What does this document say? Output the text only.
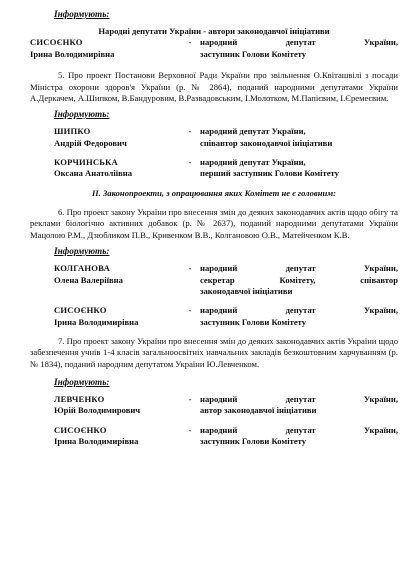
Інформують:
Народні депутати України - автори законодавчої ініціативи
СИСОЄНКО
Ірина Володимирівна
- народний депутат України,
заступник Голови Комітету
5. Про проект Постанови Верховної Ради України про звільнення О.Квіташвілі з посади Міністра охорони здоров'я України (р. № 2864), поданий народними депутатами України А.Деркачем, А.Шипком, В.Бандуровим, В.Развадовським, І.Молотком, М.Папієвим, І.Єремеєвим.
Інформують:
ШИПКО
Андрій Федорович
- народний депутат України,
співавтор законодавчої ініціативи
КОРЧИНСЬКА
Оксана Анатоліївна
- народний депутат України,
перший заступник Голови Комітету
II. Законопроекти, з опрацювання яких Комітет не є головним:
6. Про проект закону України про внесення змін до деяких законодавчих актів щодо обігу та реклами біологічно активних добавок (р. № 2637), поданий народними депутатами України Мацолою Р.М., Дзюбликом П.В., Кривенком В.В., Колгановою О.В., Матейченком К.В.
Інформують:
КОЛГАНОВА
Олена Валеріївна
- народний депутат України,
секретар Комітету, співавтор
законодавчої ініціативи
СИСОЄНКО
Ірина Володимирівна
- народний депутат України,
заступник Голови Комітету
7. Про проект закону України про внесення змін до деяких законодавчих актів України щодо забезпечення учнів 1-4 класів загальноосвітніх навчальних закладів безкоштовним харчуванням (р. № 1834), поданий народним депутатом України Ю.Левченком.
Інформують:
ЛЕВЧЕНКО
Юрій Володимирович
- народний депутат України,
автор законодавчої ініціативи
СИСОЄНКО
Ірина Володимирівна
- народний депутат України,
заступник Голови Комітету
